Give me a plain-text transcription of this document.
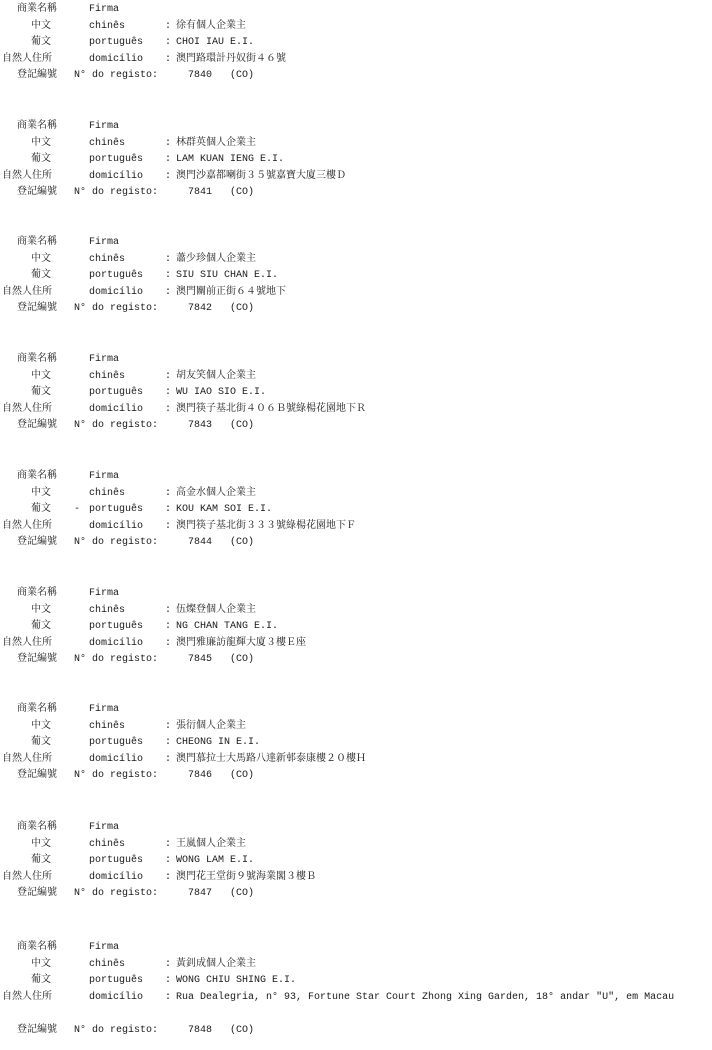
商業名稱	Firma
中文	chinês	: 徐有個人企業主
葡文	português : CHOI IAU E.I.
自然人住所	domicílio : 澳門路環計丹奴街４６號
登記編號 N° do registo:	7840 (CO)
商業名稱	Firma
中文	chinês	: 林群英個人企業主
葡文	português : LAM KUAN IENG E.I.
自然人住所	domicílio : 澳門沙嘉都喇街３５號嘉寶大廈三樓Ｄ
登記編號 N° do registo:	7841 (CO)
商業名稱	Firma
中文	chinês	: 蕭少珍個人企業主
葡文	português : SIU SIU CHAN E.I.
自然人住所	domicílio : 澳門關前正街６４號地下
登記編號 N° do registo:	7842 (CO)
商業名稱	Firma
中文	chinês	: 胡友笑個人企業主
葡文	português : WU IAO SIO E.I.
自然人住所	domicílio : 澳門筷子基北街４０６Ｂ號綠楊花園地下Ｒ
登記編號 N° do registo:	7843 (CO)
商業名稱	Firma
中文	chinês	: 高金水個人企業主
葡文 - português : KOU KAM SOI E.I.
自然人住所	domicílio : 澳門筷子基北街３３３號綠楊花園地下Ｆ
登記編號 N° do registo:	7844 (CO)
商業名稱	Firma
中文	chinês	: 伍燦登個人企業主
葡文	português : NG CHAN TANG E.I.
自然人住所	domicílio : 澳門雅廉訪龍輝大廈３樓Ｅ座
登記編號 N° do registo:	7845 (CO)
商業名稱	Firma
中文	chinês	: 張衍個人企業主
葡文	português : CHEONG IN E.I.
自然人住所	domicílio : 澳門慕拉士大馬路八達新邨泰康樓２０樓Ｈ
登記編號 N° do registo:	7846 (CO)
商業名稱	Firma
中文	chinês	: 王嵐個人企業主
葡文	português : WONG LAM E.I.
自然人住所	domicílio : 澳門花王堂街９號海業閣３樓Ｂ
登記編號 N° do registo:	7847 (CO)
商業名稱	Firma
中文	chinês	: 黃釗成個人企業主
葡文	português : WONG CHIU SHING E.I.
自然人住所	domicílio : Rua Dealegria, n° 93, Fortune Star Court Zhong Xing Garden, 18° andar "U", em Macau
登記編號 N° do registo:	7848 (CO)
